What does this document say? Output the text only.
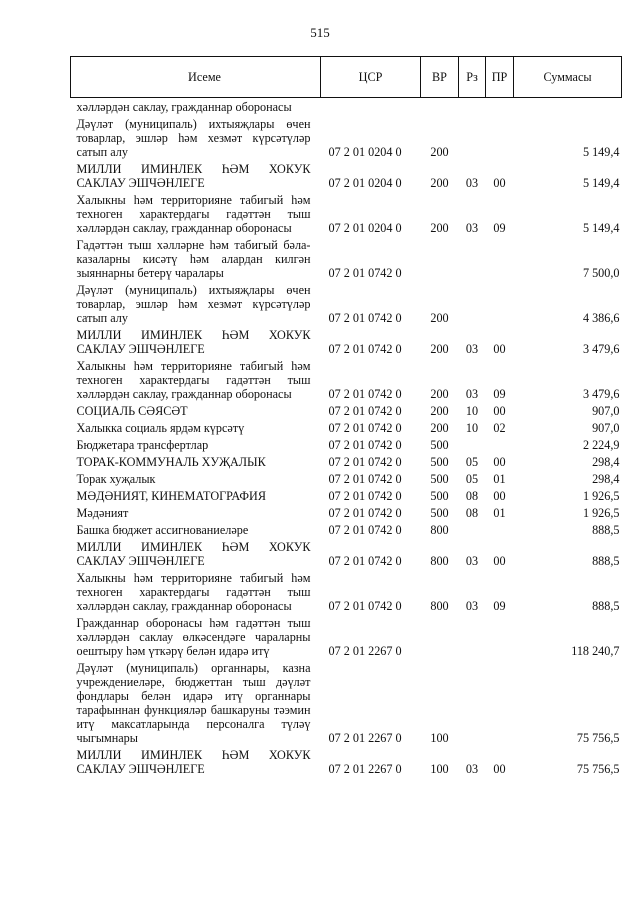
515
Исеме	ЦСР	ВР	Рз	ПР	Суммасы
хәлләрдән саклау, гражданнар оборонасы					
Дәүләт (муниципаль) ихтыяҗлары өчен товарлар, эшләр һәм хезмәт күрсәтүләр сатып алу	07 2 01 0204 0	200			5 149,4
МИЛЛИ ИМИНЛЕК ҺӘМ ХОКУК САКЛАУ ЭШЧӘНЛЕГЕ	07 2 01 0204 0	200	03	00	5 149,4
Халыкны һәм территорияне табигый һәм техноген характердагы гадәттән тыш хәлләрдән саклау, гражданнар оборонасы	07 2 01 0204 0	200	03	09	5 149,4
Гадәттән тыш хәлләрне һәм табигый бәла-казаларны кисәтү һәм алардан килгән зыяннарны бетерү чаралары	07 2 01 0742 0				7 500,0
Дәүләт (муниципаль) ихтыяҗлары өчен товарлар, эшләр һәм хезмәт күрсәтүләр сатып алу	07 2 01 0742 0	200			4 386,6
МИЛЛИ ИМИНЛЕК ҺӘМ ХОКУК САКЛАУ ЭШЧӘНЛЕГЕ	07 2 01 0742 0	200	03	00	3 479,6
Халыкны һәм территорияне табигый һәм техноген характердагы гадәттән тыш хәлләрдән саклау, гражданнар оборонасы	07 2 01 0742 0	200	03	09	3 479,6
СОЦИАЛЬ СӘЯСӘТ	07 2 01 0742 0	200	10	00	907,0
Халыкка социаль ярдәм күрсәтү	07 2 01 0742 0	200	10	02	907,0
Бюджетара трансфертлар	07 2 01 0742 0	500			2 224,9
ТОРАК-КОММУНАЛЬ ХУҖАЛЫК	07 2 01 0742 0	500	05	00	298,4
Торак хуҗалык	07 2 01 0742 0	500	05	01	298,4
МӘДӘНИЯТ, КИНЕМАТОГРАФИЯ	07 2 01 0742 0	500	08	00	1 926,5
Мәдәният	07 2 01 0742 0	500	08	01	1 926,5
Башка бюджет ассигнованиеләре	07 2 01 0742 0	800			888,5
МИЛЛИ ИМИНЛЕК ҺӘМ ХОКУК САКЛАУ ЭШЧӘНЛЕГЕ	07 2 01 0742 0	800	03	00	888,5
Халыкны һәм территорияне табигый һәм техноген характердагы гадәттән тыш хәлләрдән саклау, гражданнар оборонасы	07 2 01 0742 0	800	03	09	888,5
Гражданнар оборонасы һәм гадәттән тыш хәлләрдән саклау өлкәсендәге чараларны оештыру һәм үткәрү белән идарә итү	07 2 01 2267 0				118 240,7
Дәүләт (муниципаль) органнары, казна учреждениеләре, бюджеттан тыш дәүләт фондлары белән идарә итү органнары тарафыннан функцияләр башкаруны тәэмин итү максатларында персоналга түләү чыгымнары	07 2 01 2267 0	100			75 756,5
МИЛЛИ ИМИНЛЕК ҺӘМ ХОКУК САКЛАУ ЭШЧӘНЛЕГЕ	07 2 01 2267 0	100	03	00	75 756,5
